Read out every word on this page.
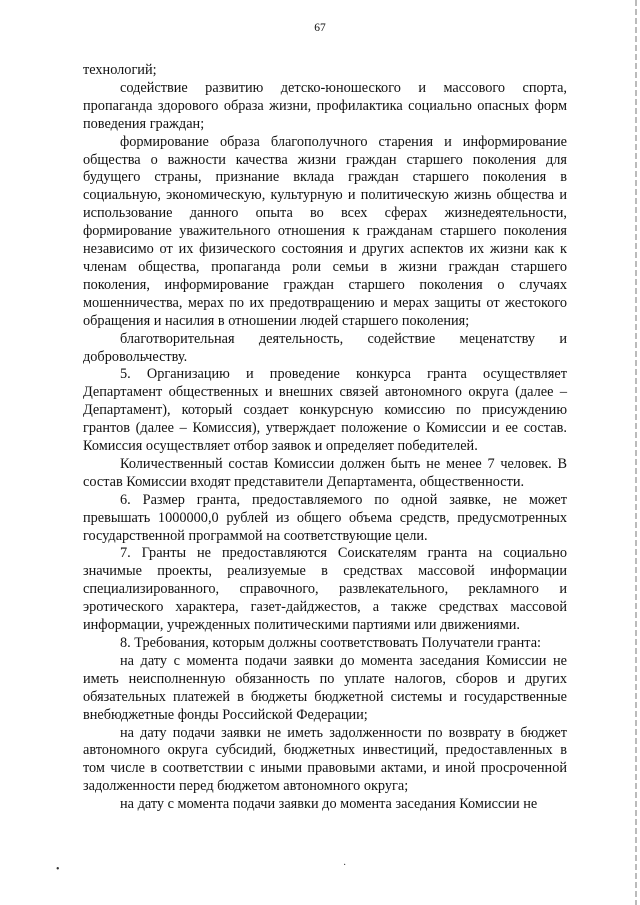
67

технологий;

содействие развитию детско-юношеского и массового спорта, пропаганда здорового образа жизни, профилактика социально опасных форм поведения граждан;

формирование образа благополучного старения и информирование общества о важности качества жизни граждан старшего поколения для будущего страны, признание вклада граждан старшего поколения в социальную, экономическую, культурную и политическую жизнь общества и использование данного опыта во всех сферах жизнедеятельности, формирование уважительного отношения к гражданам старшего поколения независимо от их физического состояния и других аспектов их жизни как к членам общества, пропаганда роли семьи в жизни граждан старшего поколения, информирование граждан старшего поколения о случаях мошенничества, мерах по их предотвращению и мерах защиты от жестокого обращения и насилия в отношении людей старшего поколения;

благотворительная деятельность, содействие меценатству и добровольчеству.

5. Организацию и проведение конкурса гранта осуществляет Департамент общественных и внешних связей автономного округа (далее – Департамент), который создает конкурсную комиссию по присуждению грантов (далее – Комиссия), утверждает положение о Комиссии и ее состав. Комиссия осуществляет отбор заявок и определяет победителей.

Количественный состав Комиссии должен быть не менее 7 человек. В состав Комиссии входят представители Департамента, общественности.

6. Размер гранта, предоставляемого по одной заявке, не может превышать 1000000,0 рублей из общего объема средств, предусмотренных государственной программой на соответствующие цели.

7. Гранты не предоставляются Соискателям гранта на социально значимые проекты, реализуемые в средствах массовой информации специализированного, справочного, развлекательного, рекламного и эротического характера, газет-дайджестов, а также средствах массовой информации, учрежденных политическими партиями или движениями.

8. Требования, которым должны соответствовать Получатели гранта:

на дату с момента подачи заявки до момента заседания Комиссии не иметь неисполненную обязанность по уплате налогов, сборов и других обязательных платежей в бюджеты бюджетной системы и государственные внебюджетные фонды Российской Федерации;

на дату подачи заявки не иметь задолженности по возврату в бюджет автономного округа субсидий, бюджетных инвестиций, предоставленных в том числе в соответствии с иными правовыми актами, и иной просроченной задолженности перед бюджетом автономного округа;

на дату с момента подачи заявки до момента заседания Комиссии не

•	·
